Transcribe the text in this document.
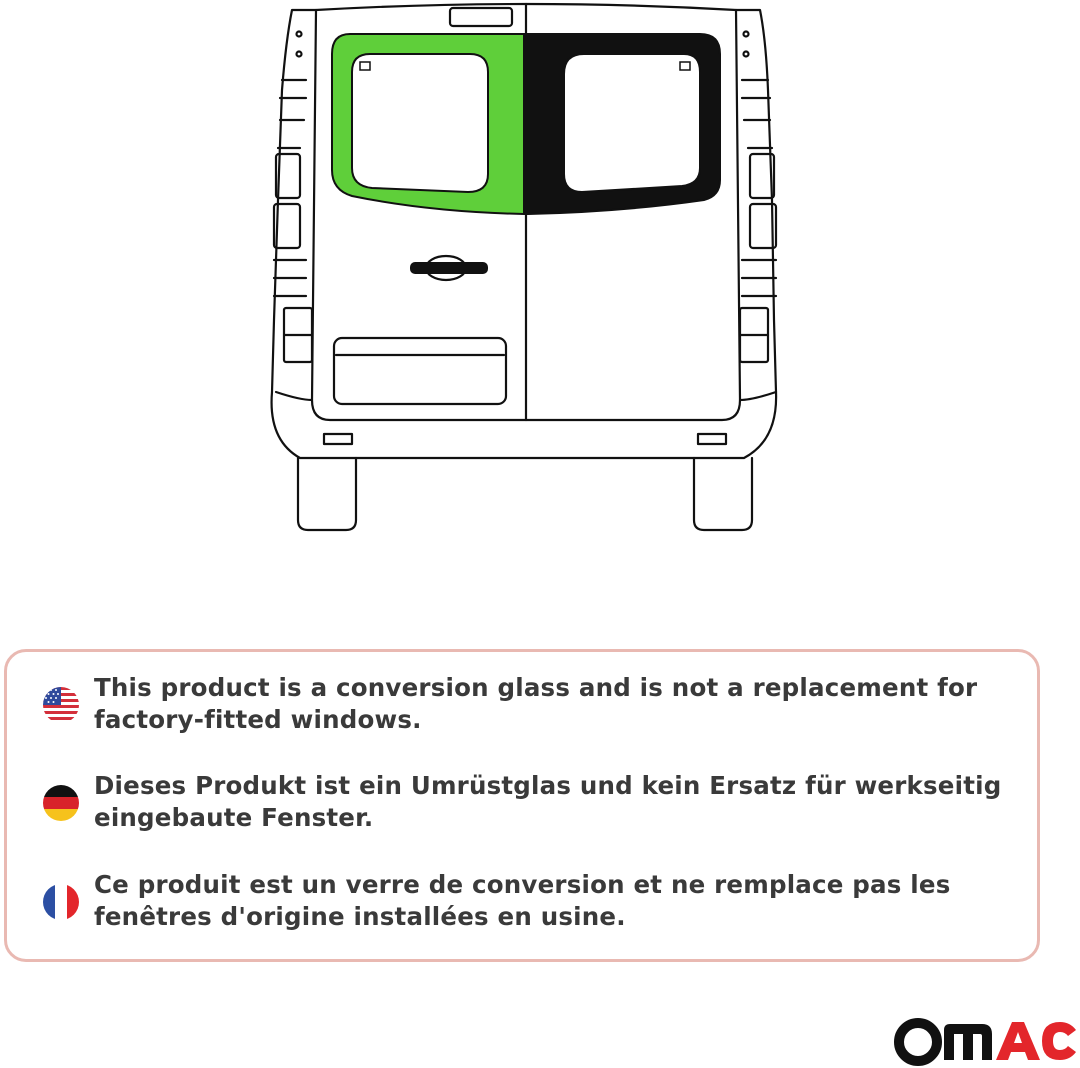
This product is a conversion glass and is not a replacement for factory-fitted windows.
Dieses Produkt ist ein Umrüstglas und kein Ersatz für werkseitig eingebaute Fenster.
Ce produit est un verre de conversion et ne remplace pas les fenêtres d'origine installées en usine.
